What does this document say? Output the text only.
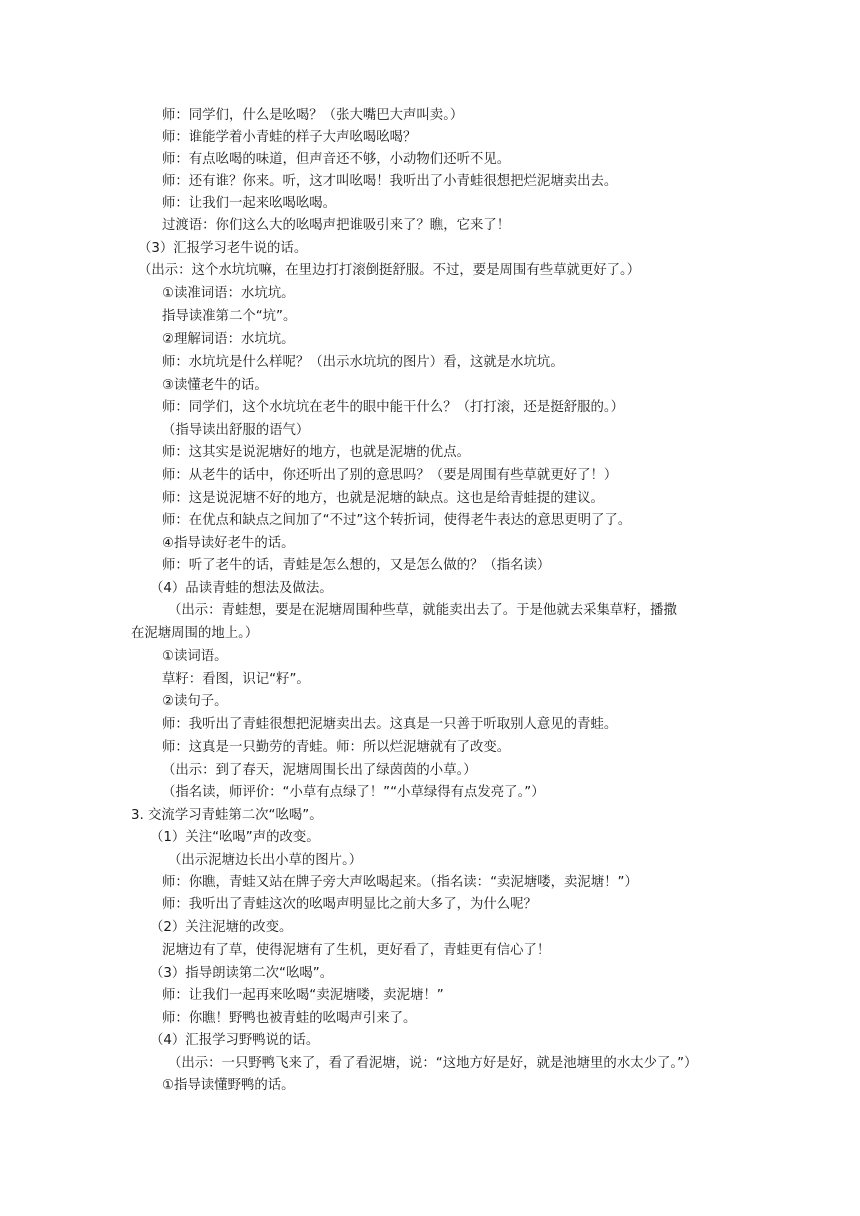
师：同学们，什么是吆喝？（张大嘴巴大声叫卖。）
师：谁能学着小青蛙的样子大声吆喝吆喝？
师：有点吆喝的味道，但声音还不够，小动物们还听不见。
师：还有谁？你来。听，这才叫吆喝！我听出了小青蛙很想把烂泥塘卖出去。
师：让我们一起来吆喝吆喝。
过渡语：你们这么大的吆喝声把谁吸引来了？瞧，它来了！
（3）汇报学习老牛说的话。
（出示：这个水坑坑嘛，在里边打打滚倒挺舒服。不过，要是周围有些草就更好了。）
①读准词语：水坑坑。
指导读准第二个“坑”。
②理解词语：水坑坑。
师：水坑坑是什么样呢？（出示水坑坑的图片）看，这就是水坑坑。
③读懂老牛的话。
师：同学们，这个水坑坑在老牛的眼中能干什么？（打打滚，还是挺舒服的。）
（指导读出舒服的语气）
师：这其实是说泥塘好的地方，也就是泥塘的优点。
师：从老牛的话中，你还听出了别的意思吗？（要是周围有些草就更好了！）
师：这是说泥塘不好的地方，也就是泥塘的缺点。这也是给青蛙提的建议。
师：在优点和缺点之间加了“不过”这个转折词，使得老牛表达的意思更明了了。
④指导读好老牛的话。
师：听了老牛的话，青蛙是怎么想的，又是怎么做的？（指名读）
（4）品读青蛙的想法及做法。
（出示：青蛙想，要是在泥塘周围种些草，就能卖出去了。于是他就去采集草籽，播撒
在泥塘周围的地上。）
①读词语。
草籽：看图，识记“籽”。
②读句子。
师：我听出了青蛙很想把泥塘卖出去。这真是一只善于听取别人意见的青蛙。
师：这真是一只勤劳的青蛙。师：所以烂泥塘就有了改变。
（出示：到了春天，泥塘周围长出了绿茵茵的小草。）
（指名读，师评价：“小草有点绿了！”“小草绿得有点发亮了。”）
3. 交流学习青蛙第二次“吆喝”。
（1）关注“吆喝”声的改变。
（出示泥塘边长出小草的图片。）
师：你瞧，青蛙又站在牌子旁大声吆喝起来。（指名读：“卖泥塘喽，卖泥塘！”）
师：我听出了青蛙这次的吆喝声明显比之前大多了，为什么呢？
（2）关注泥塘的改变。
泥塘边有了草，使得泥塘有了生机，更好看了，青蛙更有信心了！
（3）指导朗读第二次“吆喝”。
师：让我们一起再来吆喝“卖泥塘喽，卖泥塘！”
师：你瞧！野鸭也被青蛙的吆喝声引来了。
（4）汇报学习野鸭说的话。
（出示：一只野鸭飞来了，看了看泥塘，说：“这地方好是好，就是池塘里的水太少了。”）
①指导读懂野鸭的话。
